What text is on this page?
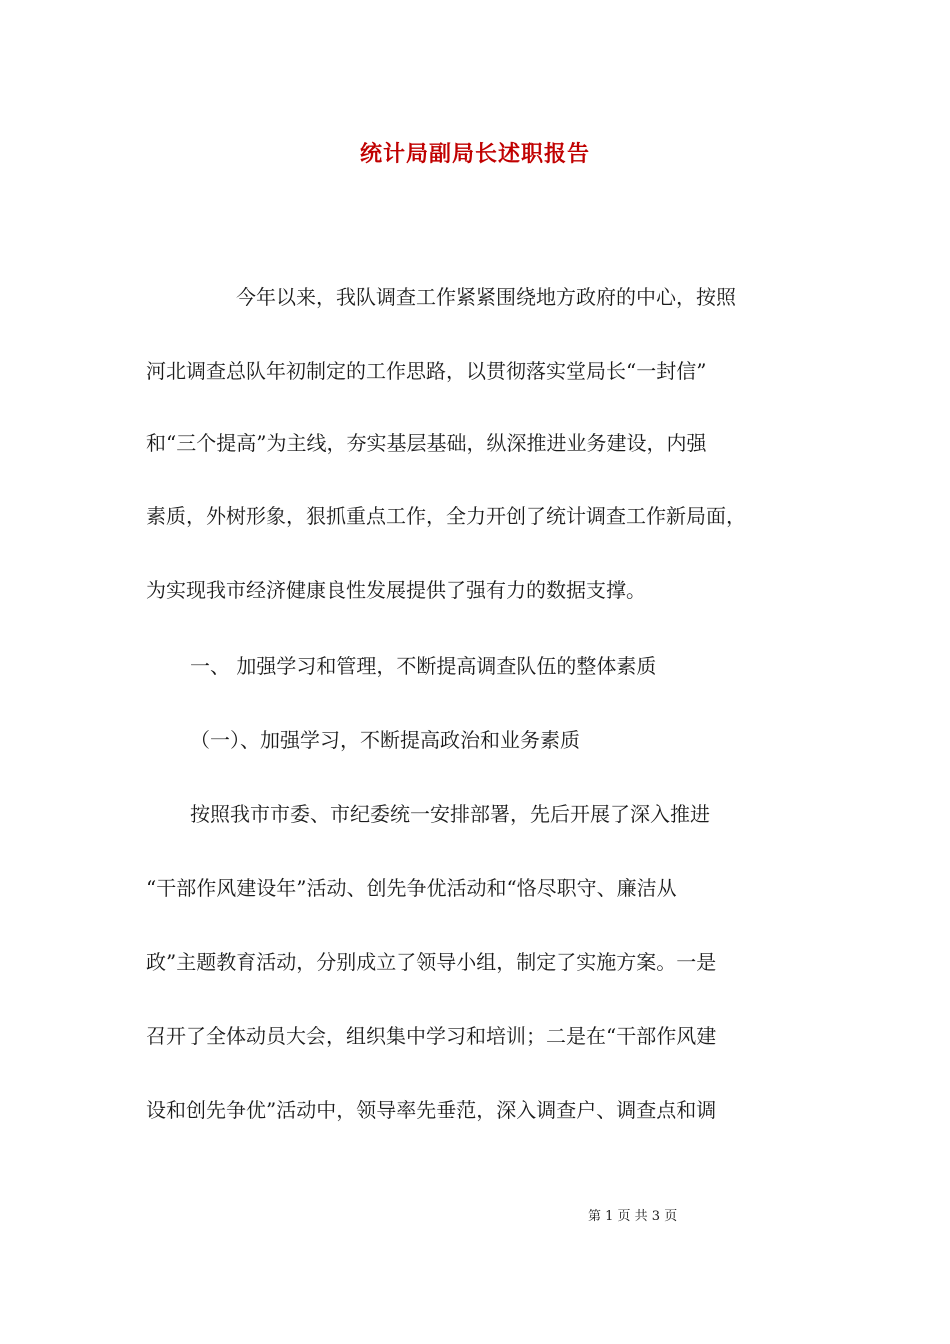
统计局副局长述职报告
今年以来，我队调查工作紧紧围绕地方政府的中心，按照
河北调查总队年初制定的工作思路，以贯彻落实堂局长“一封信”
和“三个提高”为主线，夯实基层基础，纵深推进业务建设，内强
素质，外树形象，狠抓重点工作，全力开创了统计调查工作新局面，
为实现我市经济健康良性发展提供了强有力的数据支撑。
一、 加强学习和管理，不断提高调查队伍的整体素质
（一）、加强学习，不断提高政治和业务素质
按照我市市委、市纪委统一安排部署，先后开展了深入推进
“干部作风建设年”活动、创先争优活动和“恪尽职守、廉洁从
政”主题教育活动，分别成立了领导小组，制定了实施方案。一是
召开了全体动员大会，组织集中学习和培训；二是在“干部作风建
设和创先争优”活动中，领导率先垂范，深入调查户、调查点和调
第 1 页 共 3 页
